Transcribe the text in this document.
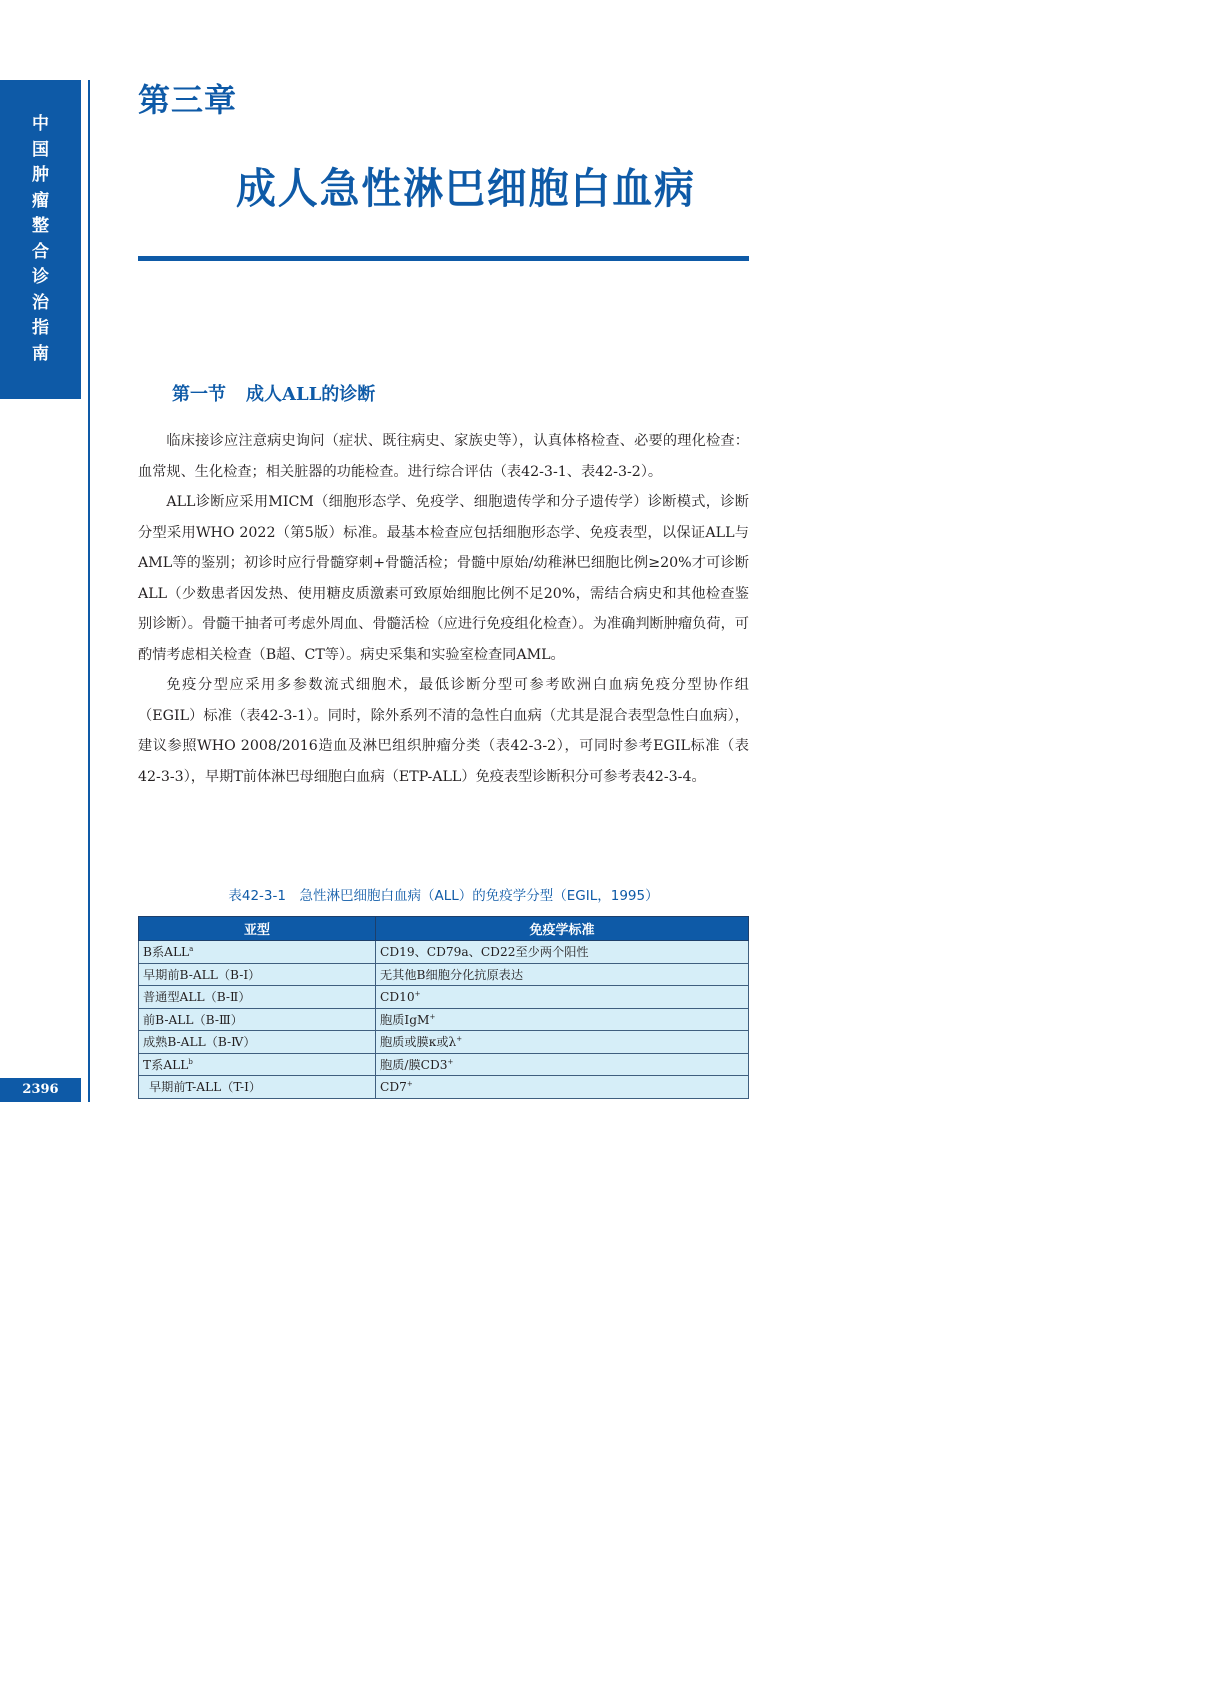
中
国
肿
瘤
整
合
诊
治
指
南
2396
第三章
成人急性淋巴细胞白血病
第一节 成人ALL的诊断

临床接诊应注意病史询问（症状、既往病史、家族史等），认真体格检查、必要的理化检查：血常规、生化检查；相关脏器的功能检查。进行综合评估（表42-3-1、表42-3-2）。

ALL诊断应采用MICM（细胞形态学、免疫学、细胞遗传学和分子遗传学）诊断模式，诊断分型采用WHO 2022（第5版）标准。最基本检查应包括细胞形态学、免疫表型，以保证ALL与AML等的鉴别；初诊时应行骨髓穿刺+骨髓活检；骨髓中原始/幼稚淋巴细胞比例≥20%才可诊断ALL（少数患者因发热、使用糖皮质激素可致原始细胞比例不足20%，需结合病史和其他检查鉴别诊断）。骨髓干抽者可考虑外周血、骨髓活检（应进行免疫组化检查）。为准确判断肿瘤负荷，可酌情考虑相关检查（B超、CT等）。病史采集和实验室检查同AML。

免疫分型应采用多参数流式细胞术，最低诊断分型可参考欧洲白血病免疫分型协作组（EGIL）标准（表42-3-1）。同时，除外系列不清的急性白血病（尤其是混合表型急性白血病），建议参照WHO 2008/2016造血及淋巴组织肿瘤分类（表42-3-2），可同时参考EGIL标准（表42-3-3），早期T前体淋巴母细胞白血病（ETP-ALL）免疫表型诊断积分可参考表42-3-4。

表42-3-1　急性淋巴细胞白血病（ALL）的免疫学分型（EGIL，1995）
亚型	免疫学标准
B系ALL$^a$	CD19、CD79a、CD22至少两个阳性
早期前B-ALL（B-Ⅰ）	无其他B细胞分化抗原表达
普通型ALL（B-Ⅱ）	CD10+
前B-ALL（B-Ⅲ）	胞质IgM+
成熟B-ALL（B-Ⅳ）	胞质或膜κ或λ+
T系ALL$^b$	胞质/膜CD3+
早期前T-ALL（T-Ⅰ）	CD7+
